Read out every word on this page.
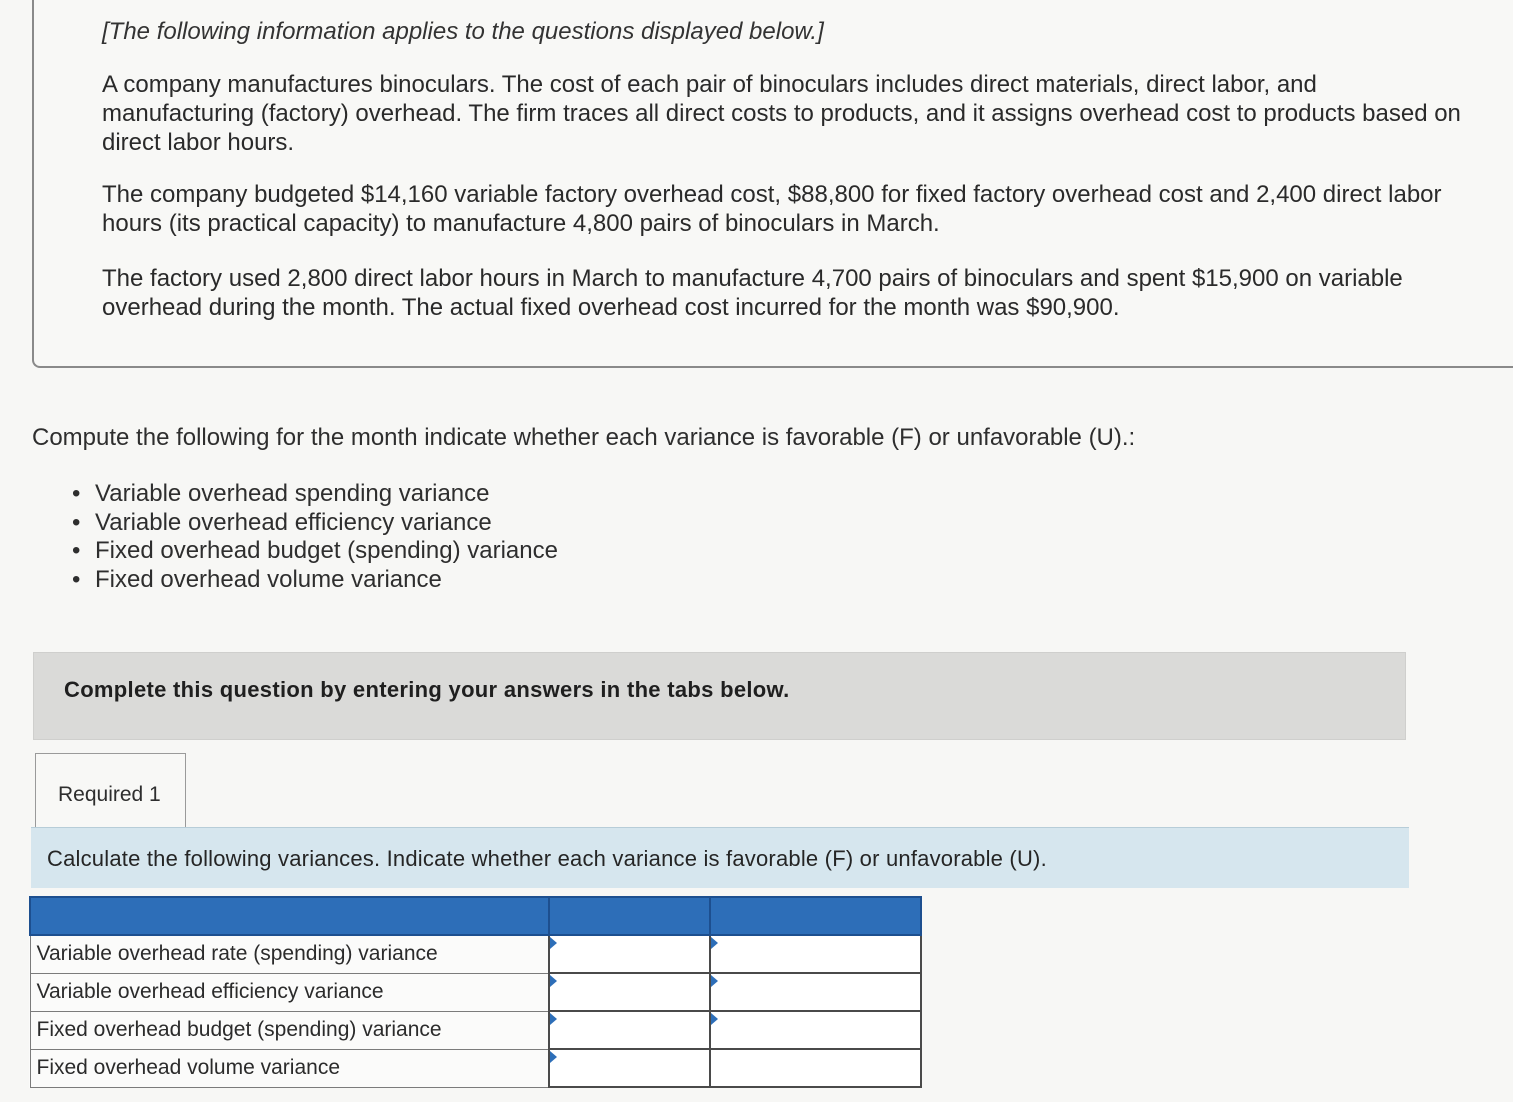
[The following information applies to the questions displayed below.]
A company manufactures binoculars. The cost of each pair of binoculars includes direct materials, direct labor, and manufacturing (factory) overhead. The firm traces all direct costs to products, and it assigns overhead cost to products based on direct labor hours.
The company budgeted $14,160 variable factory overhead cost, $88,800 for fixed factory overhead cost and 2,400 direct labor hours (its practical capacity) to manufacture 4,800 pairs of binoculars in March.
The factory used 2,800 direct labor hours in March to manufacture 4,700 pairs of binoculars and spent $15,900 on variable overhead during the month. The actual fixed overhead cost incurred for the month was $90,900.
Compute the following for the month indicate whether each variance is favorable (F) or unfavorable (U).:
• Variable overhead spending variance
• Variable overhead efficiency variance
• Fixed overhead budget (spending) variance
• Fixed overhead volume variance
Complete this question by entering your answers in the tabs below.
Required 1
Calculate the following variances. Indicate whether each variance is favorable (F) or unfavorable (U).

Variable overhead rate (spending) variance	

Variable overhead efficiency variance	

Fixed overhead budget (spending) variance	

Fixed overhead volume variance	
